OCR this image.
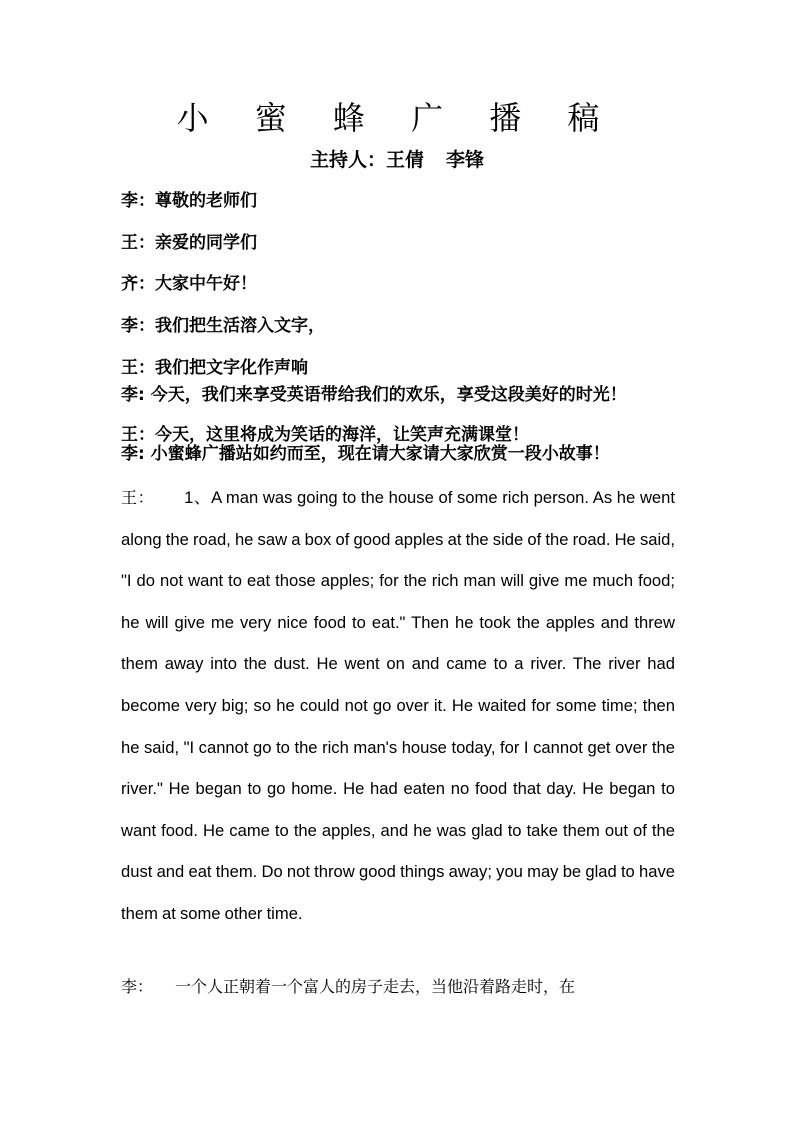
小 蜜 蜂 广 播 稿
主持人：王倩 李锋
李：尊敬的老师们
王：亲爱的同学们
齐：大家中午好！
李：我们把生活溶入文字，
王：我们把文字化作声响
李: 今天，我们来享受英语带给我们的欢乐，享受这段美好的时光！
王：今天，这里将成为笑话的海洋，让笑声充满课堂！
李: 小蜜蜂广播站如约而至，现在请大家请大家欣赏一段小故事！
王： 1、A man was going to the house of some rich person. As he went along the road, he saw a box of good apples at the side of the road. He said, "I do not want to eat those apples; for the rich man will give me much food; he will give me very nice food to eat." Then he took the apples and threw them away into the dust. He went on and came to a river. The river had become very big; so he could not go over it. He waited for some time; then he said, "I cannot go to the rich man's house today, for I cannot get over the river." He began to go home. He had eaten no food that day. He began to want food. He came to the apples, and he was glad to take them out of the dust and eat them. Do not throw good things away; you may be glad to have them at some other time.
李： 一个人正朝着一个富人的房子走去，当他沿着路走时，在
